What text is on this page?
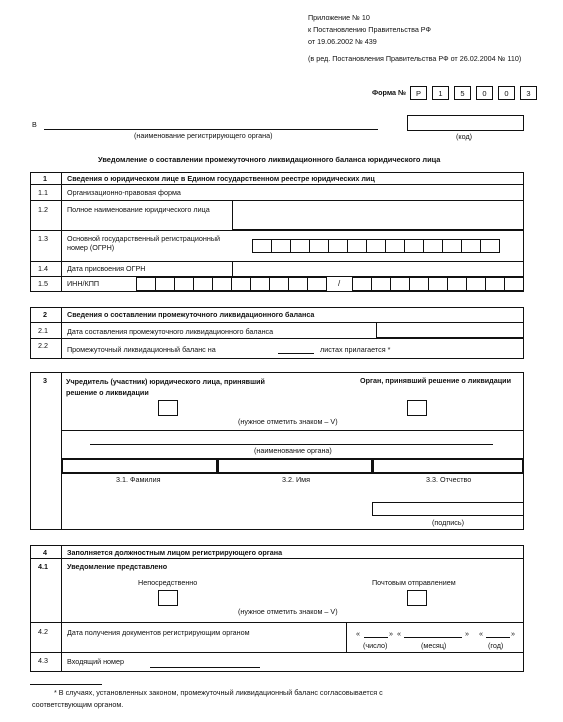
Приложение № 10
к Постановлению Правительства РФ
от 19.06.2002 № 439
(в ред. Постановления Правительства РФ от 26.02.2004 № 110)
Форма №	Р	1	5	0	0	3
В
(наименование регистрирующего органа)	(код)
Уведомление о составлении промежуточного ликвидационного баланса юридического лица
1	Сведения о юридическом лице в Едином государственном реестре юридических лиц
1.1	Организационно-правовая форма
1.2	Полное наименование юридического лица
1.3	Основной государственный регистрационный номер (ОГРН)
1.4	Дата присвоения ОГРН
1.5	ИНН/КПП	/
2	Сведения о составлении промежуточного ликвидационного баланса
2.1	Дата составления промежуточного ликвидационного баланса
2.2	Промежуточный ликвидационный баланс на	листах прилагается *
3	Учредитель (участник) юридического лица, принявший решение о ликвидации
Орган, принявший решение о ликвидации
(нужное отметить знаком – V)
(наименование органа)
3.1. Фамилия	3.2. Имя	3.3. Отчество
(подпись)
4	Заполняется должностным лицом регистрирующего органа
4.1	Уведомление представлено
Непосредственно	Почтовым отправлением
(нужное отметить знаком – V)
4.2	Дата получения документов регистрирующим органом	«	» «	» «	»
(число)	(месяц)	(год)
4.3	Входящий номер
* В случаях, установленных законом, промежуточный ликвидационный баланс согласовывается с
соответствующим органом.
